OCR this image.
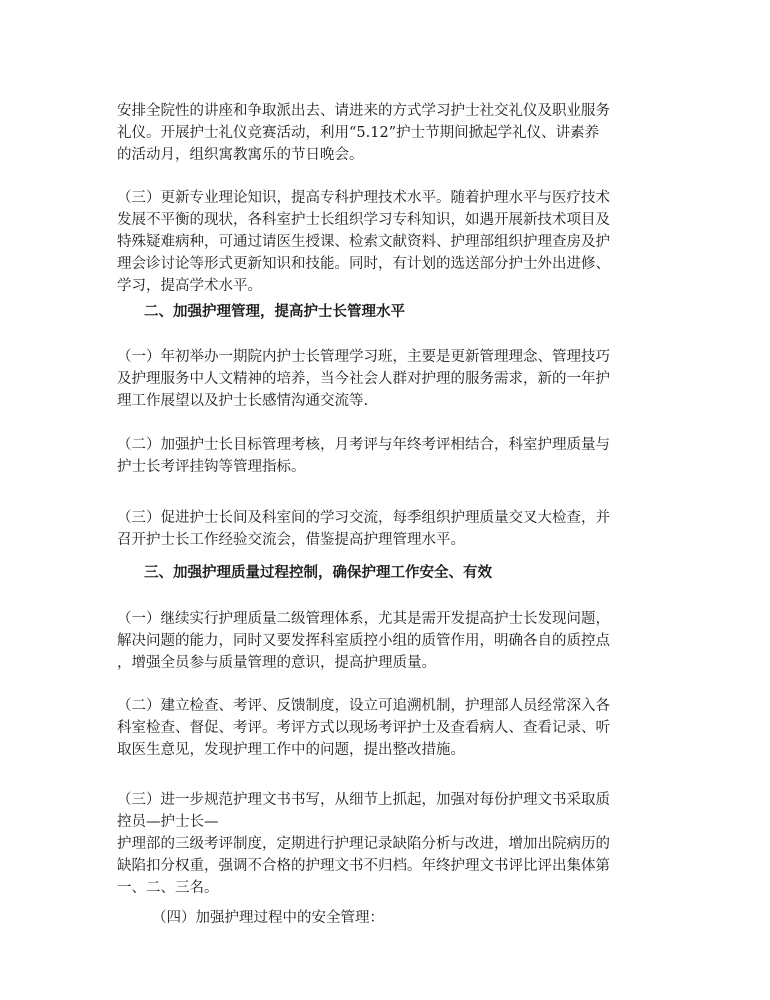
安排全院性的讲座和争取派出去、请进来的方式学习护士社交礼仪及职业服务
礼仪。开展护士礼仪竞赛活动，利用“5.12”护士节期间掀起学礼仪、讲素养
的活动月，组织寓教寓乐的节日晚会。
（三）更新专业理论知识，提高专科护理技术水平。随着护理水平与医疗技术
发展不平衡的现状，各科室护士长组织学习专科知识，如遇开展新技术项目及
特殊疑难病种，可通过请医生授课、检索文献资料、护理部组织护理查房及护
理会诊讨论等形式更新知识和技能。同时，有计划的选送部分护士外出进修、
学习，提高学术水平。
二、加强护理管理，提高护士长管理水平
（一）年初举办一期院内护士长管理学习班，主要是更新管理理念、管理技巧
及护理服务中人文精神的培养，当今社会人群对护理的服务需求，新的一年护
理工作展望以及护士长感情沟通交流等.
（二）加强护士长目标管理考核，月考评与年终考评相结合，科室护理质量与
护士长考评挂钩等管理指标。
（三）促进护士长间及科室间的学习交流，每季组织护理质量交叉大检查，并
召开护士长工作经验交流会，借鉴提高护理管理水平。
三、加强护理质量过程控制，确保护理工作安全、有效
（一）继续实行护理质量二级管理体系，尤其是需开发提高护士长发现问题，
解决问题的能力，同时又要发挥科室质控小组的质管作用，明确各自的质控点
，增强全员参与质量管理的意识，提高护理质量。
（二）建立检查、考评、反馈制度，设立可追溯机制，护理部人员经常深入各
科室检查、督促、考评。考评方式以现场考评护士及查看病人、查看记录、听
取医生意见，发现护理工作中的问题，提出整改措施。
（三）进一步规范护理文书书写，从细节上抓起，加强对每份护理文书采取质
控员—护士长—
护理部的三级考评制度，定期进行护理记录缺陷分析与改进，增加出院病历的
缺陷扣分权重，强调不合格的护理文书不归档。年终护理文书评比评出集体第
一、二、三名。
（四）加强护理过程中的安全管理：
